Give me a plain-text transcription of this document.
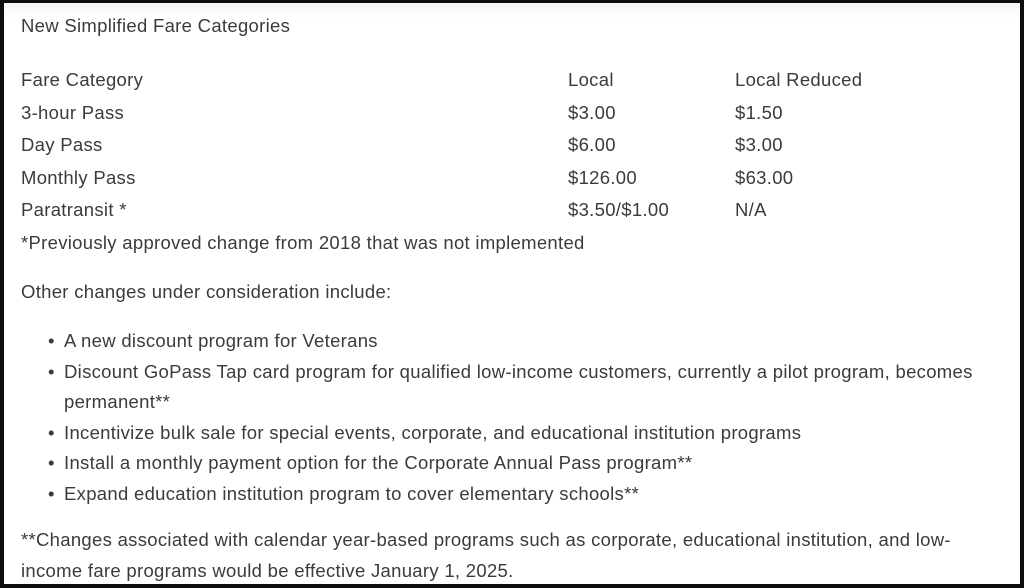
New Simplified Fare Categories
Fare Category	Local	Local Reduced
3-hour Pass	$3.00	$1.50
Day Pass	$6.00	$3.00
Monthly Pass	$126.00	$63.00
Paratransit *	$3.50/$1.00	N/A
*Previously approved change from 2018 that was not implemented
Other changes under consideration include:
• A new discount program for Veterans
• Discount GoPass Tap card program for qualified low-income customers, currently a pilot program, becomes permanent**
• Incentivize bulk sale for special events, corporate, and educational institution programs
• Install a monthly payment option for the Corporate Annual Pass program**
• Expand education institution program to cover elementary schools**
**Changes associated with calendar year-based programs such as corporate, educational institution, and low-income fare programs would be effective January 1, 2025.
